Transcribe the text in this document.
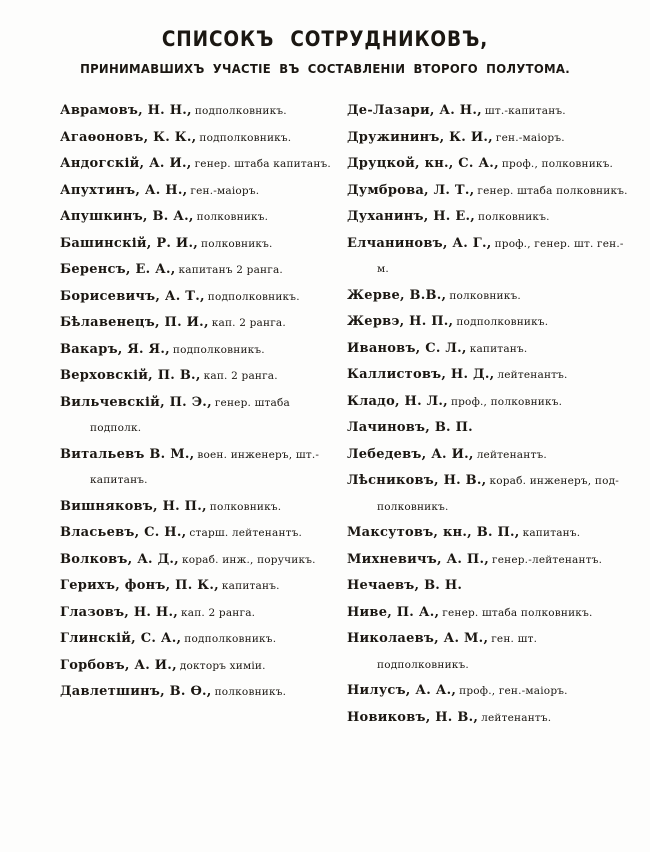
СПИСОКЪ СОТРУДНИКОВЪ,
ПРИНИМАВШИХЪ УЧАСТІЕ ВЪ СОСТАВЛЕНІИ ВТОРОГО ПОЛУТОМА.
Аврамовъ, Н. Н., подполковникъ.
Агаѳоновъ, К. К., подполковникъ.
Андогскій, А. И., генер. штаба капитанъ.
Апухтинъ, А. Н., ген.-маіоръ.
Апушкинъ, В. А., полковникъ.
Башинскій, Р. И., полковникъ.
Беренсъ, Е. А., капитанъ 2 ранга.
Борисевичъ, А. Т., подполковникъ.
Бѣлавенецъ, П. И., кап. 2 ранга.
Вакаръ, Я. Я., подполковникъ.
Верховскій, П. В., кап. 2 ранга.
Вильчевскій, П. Э., генер. штаба подполк.
Витальевъ В. М., воен. инженеръ, шт.-
капитанъ.
Вишняковъ, Н. П., полковникъ.
Власьевъ, С. Н., старш. лейтенантъ.
Волковъ, А. Д., кораб. инж., поручикъ.
Герихъ, фонъ, П. К., капитанъ.
Глазовъ, Н. Н., кап. 2 ранга.
Глинскій, С. А., подполковникъ.
Горбовъ, А. И., докторъ химіи.
Давлетшинъ, В. Ѳ., полковникъ.
Де-Лазари, А. Н., шт.-капитанъ.
Дружининъ, К. И., ген.-маіоръ.
Друцкой, кн., С. А., проф., полковникъ.
Думброва, Л. Т., генер. штаба полковникъ.
Духанинъ, Н. Е., полковникъ.
Елчаниновъ, А. Г., проф., генер. шт. ген.-м.
Жерве, В.В., полковникъ.
Жервэ, Н. П., подполковникъ.
Ивановъ, С. Л., капитанъ.
Каллистовъ, Н. Д., лейтенантъ.
Кладо, Н. Л., проф., полковникъ.
Лачиновъ, В. П.
Лебедевъ, А. И., лейтенантъ.
Лѣсниковъ, Н. В., кораб. инженеръ, под-
полковникъ.
Максутовъ, кн., В. П., капитанъ.
Михневичъ, А. П., генер.-лейтенантъ.
Нечаевъ, В. Н.
Ниве, П. А., генер. штаба полковникъ.
Николаевъ, А. М., ген. шт. подполковникъ.
Нилусъ, А. А., проф., ген.-маіоръ.
Новиковъ, Н. В., лейтенантъ.
